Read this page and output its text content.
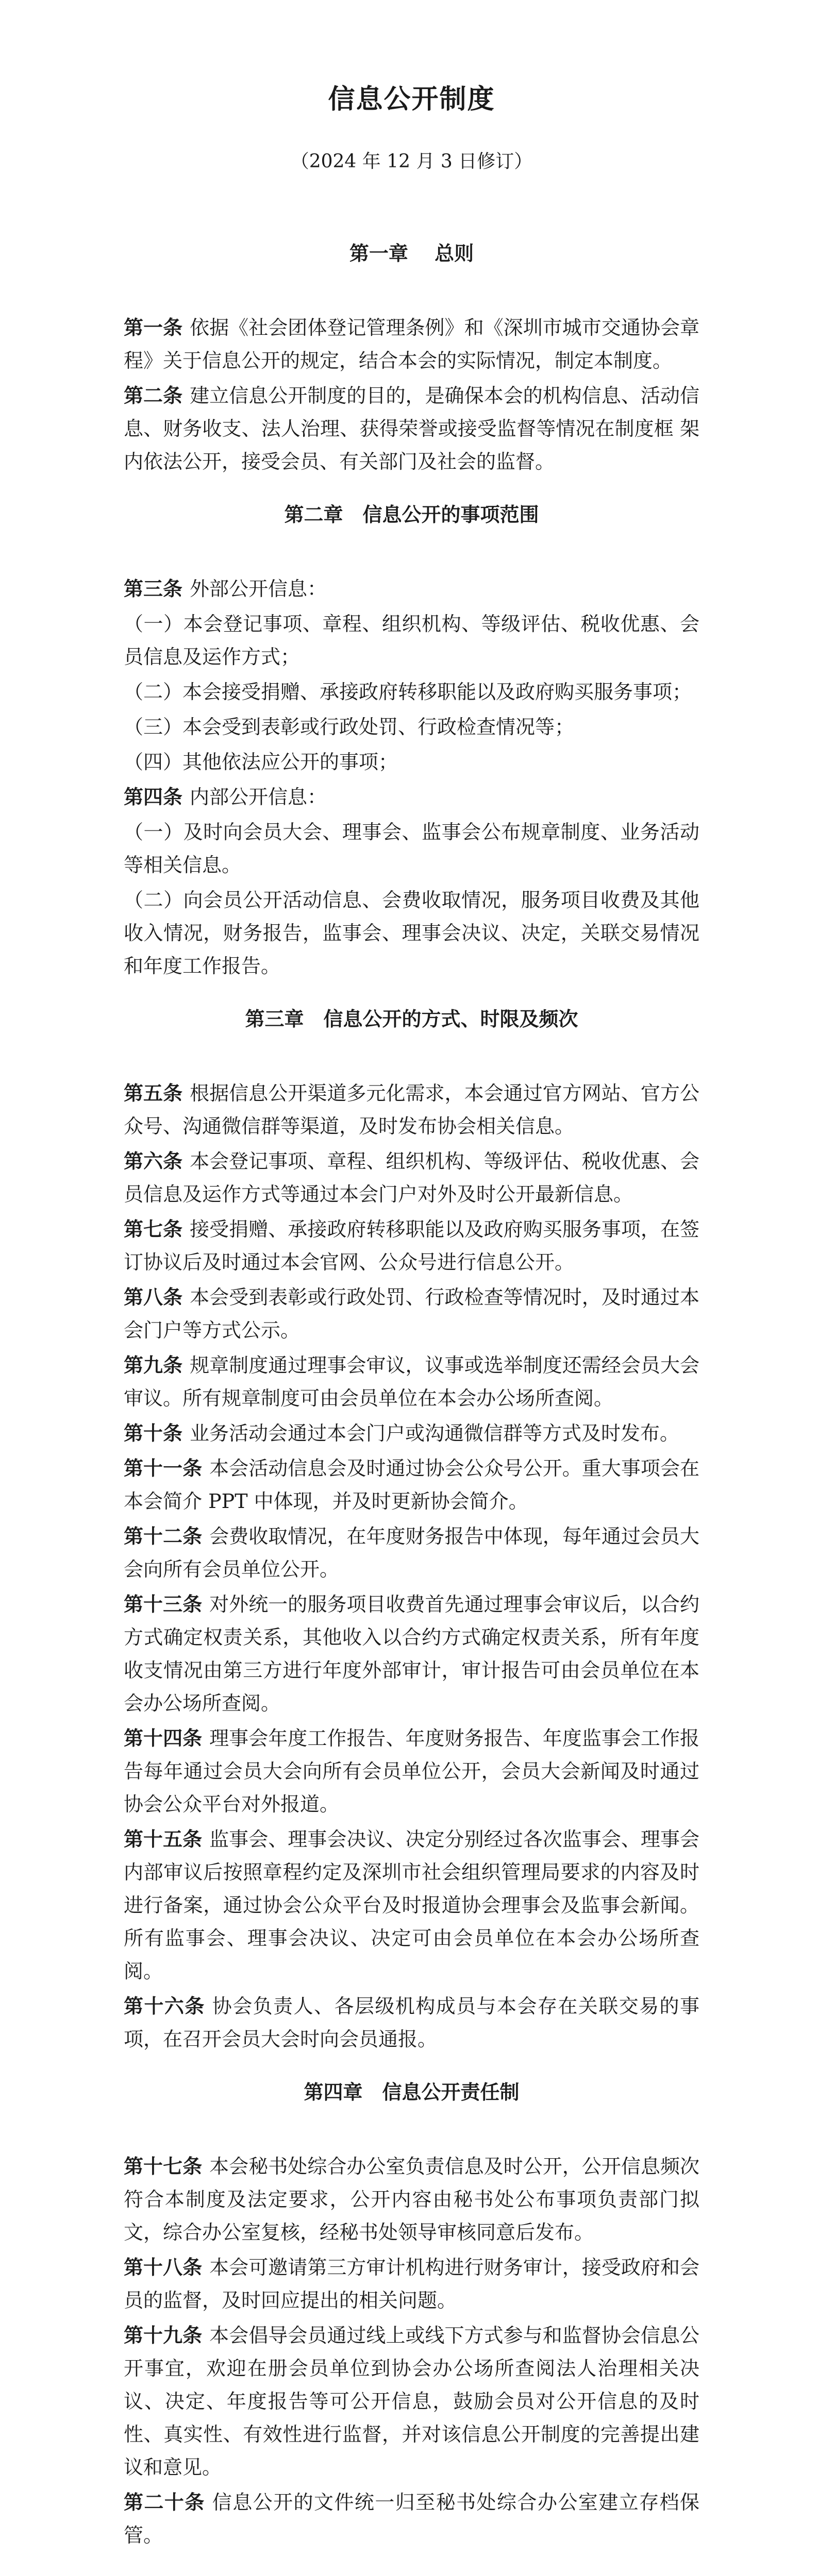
信息公开制度
（2024 年 12 月 3 日修订）
第一章　 总则

第一条 依据《社会团体登记管理条例》和《深圳市城市交通协会章程》关于信息公开的规定，结合本会的实际情况，制定本制度。

第二条 建立信息公开制度的目的，是确保本会的机构信息、活动信息、财务收支、法人治理、获得荣誉或接受监督等情况在制度框 架内依法公开，接受会员、有关部门及社会的监督。

第二章　信息公开的事项范围

第三条 外部公开信息：

（一）本会登记事项、章程、组织机构、等级评估、税收优惠、会员信息及运作方式；

（二）本会接受捐赠、承接政府转移职能以及政府购买服务事项；

（三）本会受到表彰或行政处罚、行政检查情况等；

（四）其他依法应公开的事项；

第四条 内部公开信息：

（一）及时向会员大会、理事会、监事会公布规章制度、业务活动等相关信息。

（二）向会员公开活动信息、会费收取情况，服务项目收费及其他收入情况，财务报告，监事会、理事会决议、决定，关联交易情况和年度工作报告。

第三章　信息公开的方式、时限及频次

第五条 根据信息公开渠道多元化需求，本会通过官方网站、官方公众号、沟通微信群等渠道，及时发布协会相关信息。

第六条 本会登记事项、章程、组织机构、等级评估、税收优惠、会员信息及运作方式等通过本会门户对外及时公开最新信息。

第七条 接受捐赠、承接政府转移职能以及政府购买服务事项，在签订协议后及时通过本会官网、公众号进行信息公开。

第八条 本会受到表彰或行政处罚、行政检查等情况时，及时通过本会门户等方式公示。

第九条 规章制度通过理事会审议，议事或选举制度还需经会员大会审议。所有规章制度可由会员单位在本会办公场所查阅。

第十条 业务活动会通过本会门户或沟通微信群等方式及时发布。

第十一条 本会活动信息会及时通过协会公众号公开。重大事项会在本会简介 PPT 中体现，并及时更新协会简介。

第十二条 会费收取情况，在年度财务报告中体现，每年通过会员大会向所有会员单位公开。

第十三条 对外统一的服务项目收费首先通过理事会审议后，以合约方式确定权责关系，其他收入以合约方式确定权责关系，所有年度收支情况由第三方进行年度外部审计，审计报告可由会员单位在本会办公场所查阅。

第十四条 理事会年度工作报告、年度财务报告、年度监事会工作报告每年通过会员大会向所有会员单位公开，会员大会新闻及时通过协会公众平台对外报道。

第十五条 监事会、理事会决议、决定分别经过各次监事会、理事会内部审议后按照章程约定及深圳市社会组织管理局要求的内容及时进行备案，通过协会公众平台及时报道协会理事会及监事会新闻。所有监事会、理事会决议、决定可由会员单位在本会办公场所查阅。

第十六条 协会负责人、各层级机构成员与本会存在关联交易的事项，在召开会员大会时向会员通报。

第四章　信息公开责任制

第十七条 本会秘书处综合办公室负责信息及时公开，公开信息频次符合本制度及法定要求，公开内容由秘书处公布事项负责部门拟文，综合办公室复核，经秘书处领导审核同意后发布。

第十八条 本会可邀请第三方审计机构进行财务审计，接受政府和会员的监督，及时回应提出的相关问题。

第十九条 本会倡导会员通过线上或线下方式参与和监督协会信息公开事宜，欢迎在册会员单位到协会办公场所查阅法人治理相关决议、决定、年度报告等可公开信息，鼓励会员对公开信息的及时性、真实性、有效性进行监督，并对该信息公开制度的完善提出建议和意见。

第二十条 信息公开的文件统一归至秘书处综合办公室建立存档保管。
